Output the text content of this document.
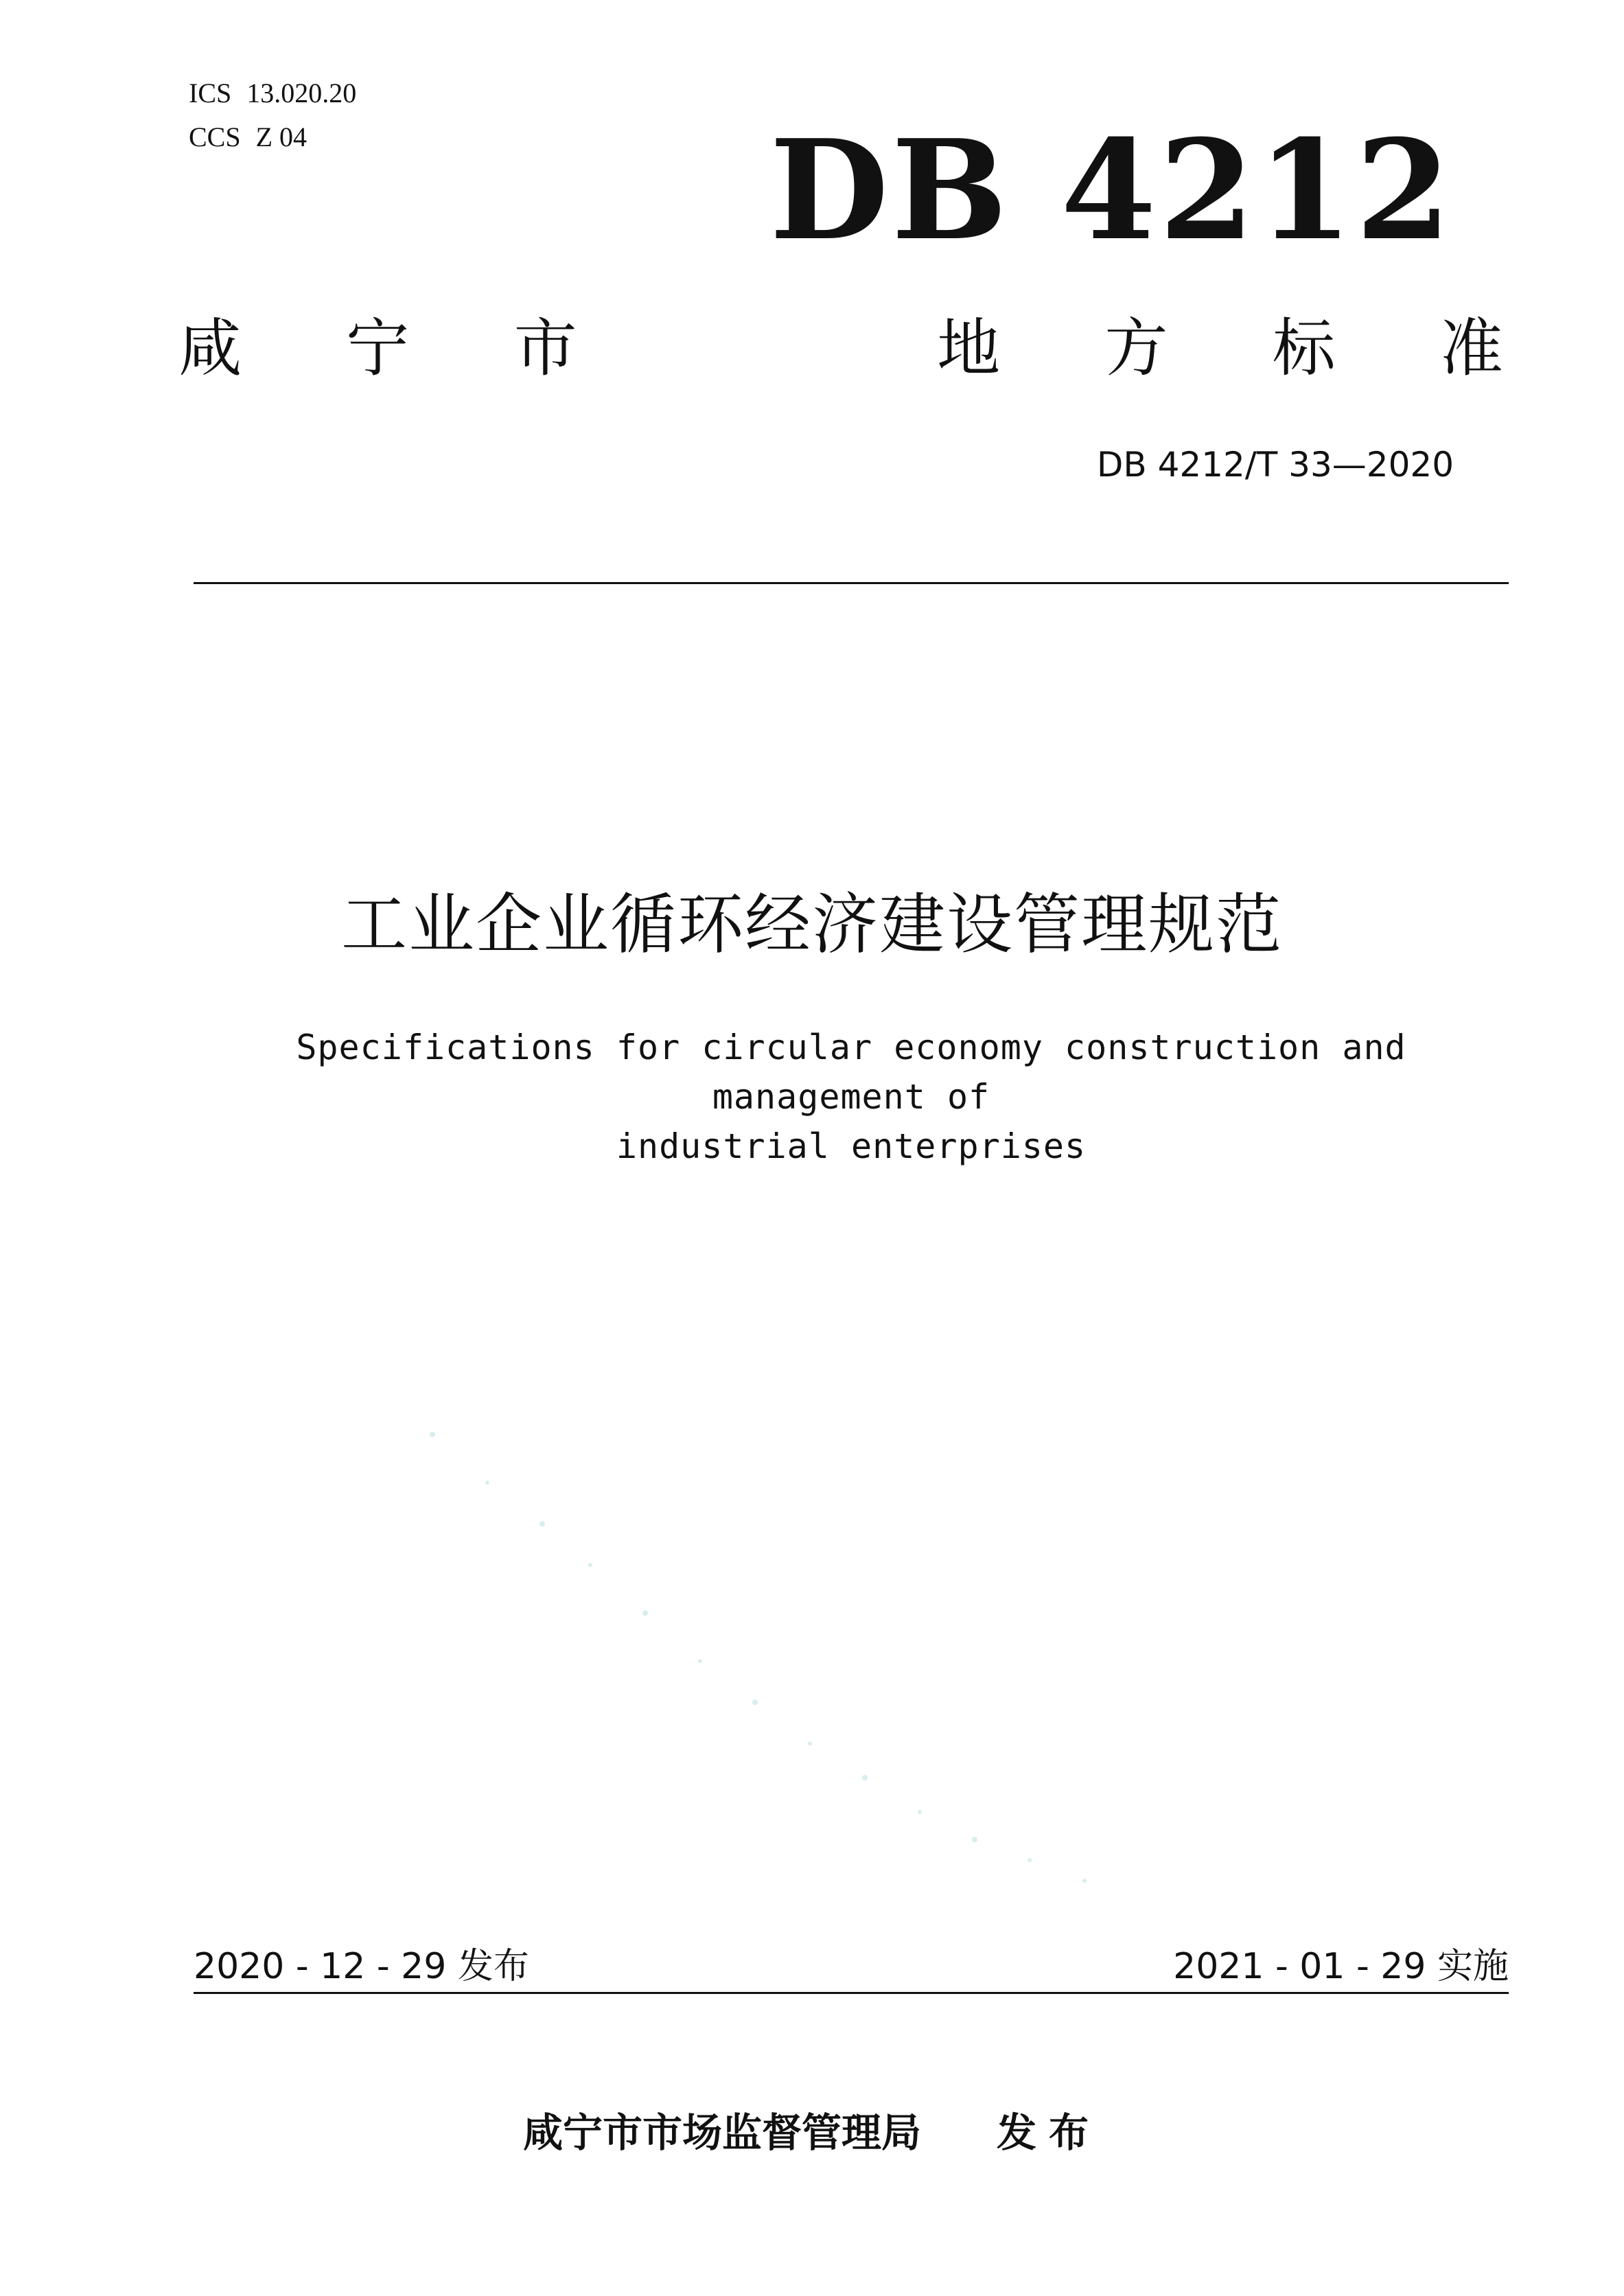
ICS 13.020.20
CCS Z 04	DB 4212
咸 宁 市	地 方 标 准
DB 4212/T 33—2020
工业企业循环经济建设管理规范
Specifications for circular economy construction and management of
industrial enterprises
2020 - 12 - 29 发布	2021 - 01 - 29 实施
咸宁市市场监督管理局 发布
